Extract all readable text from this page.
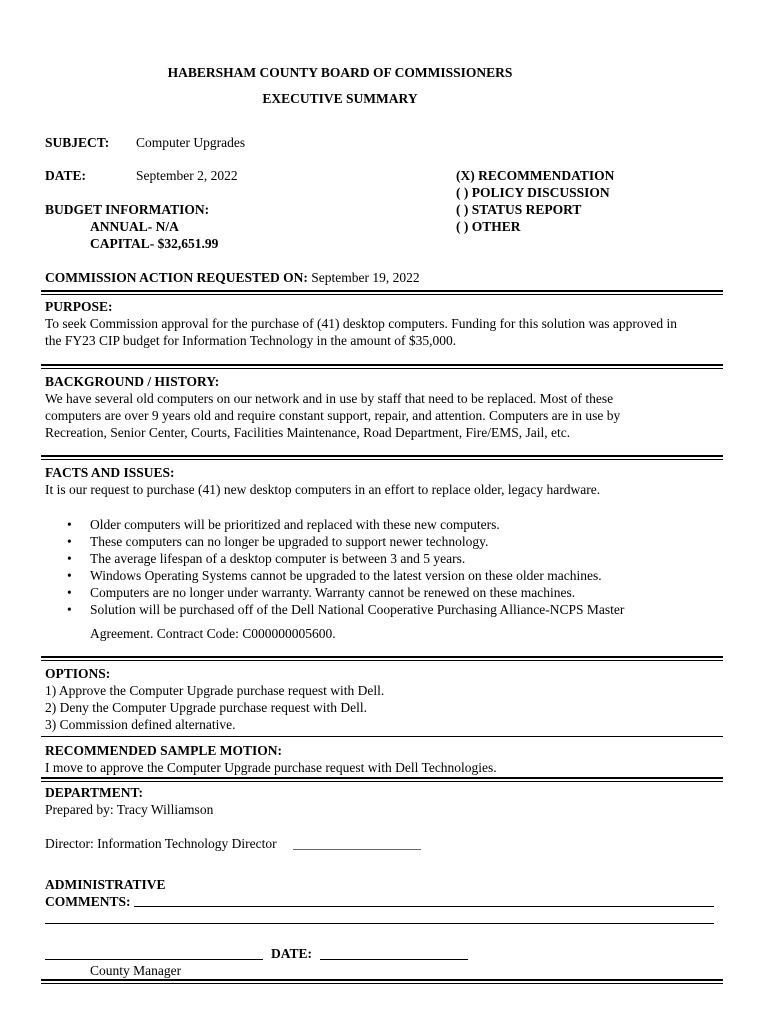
HABERSHAM COUNTY BOARD OF COMMISSIONERS
EXECUTIVE SUMMARY
SUBJECT: Computer Upgrades
DATE:	September 2, 2022
BUDGET INFORMATION:
ANNUAL- N/A
CAPITAL- $32,651.99
(X) RECOMMENDATION
( ) POLICY DISCUSSION
( ) STATUS REPORT
( ) OTHER
COMMISSION ACTION REQUESTED ON: September 19, 2022

PURPOSE:

To seek Commission approval for the purchase of (41) desktop computers. Funding for this solution was approved in

the FY23 CIP budget for Information Technology in the amount of $35,000.

BACKGROUND / HISTORY:

We have several old computers on our network and in use by staff that need to be replaced. Most of these

computers are over 9 years old and require constant support, repair, and attention. Computers are in use by

Recreation, Senior Center, Courts, Facilities Maintenance, Road Department, Fire/EMS, Jail, etc.

FACTS AND ISSUES:

It is our request to purchase (41) new desktop computers in an effort to replace older, legacy hardware.

• Older computers will be prioritized and replaced with these new computers.
• These computers can no longer be upgraded to support newer technology.
• The average lifespan of a desktop computer is between 3 and 5 years.
• Windows Operating Systems cannot be upgraded to the latest version on these older machines.
• Computers are no longer under warranty. Warranty cannot be renewed on these machines.
• Solution will be purchased off of the Dell National Cooperative Purchasing Alliance-NCPS Master
Agreement. Contract Code: C000000005600.

OPTIONS:

1) Approve the Computer Upgrade purchase request with Dell.

2) Deny the Computer Upgrade purchase request with Dell.

3) Commission defined alternative.

RECOMMENDED SAMPLE MOTION:

I move to approve the Computer Upgrade purchase request with Dell Technologies.

DEPARTMENT:

Prepared by: Tracy Williamson

Director: Information Technology Director
ADMINISTRATIVE
COMMENTS:
DATE:
County Manager
